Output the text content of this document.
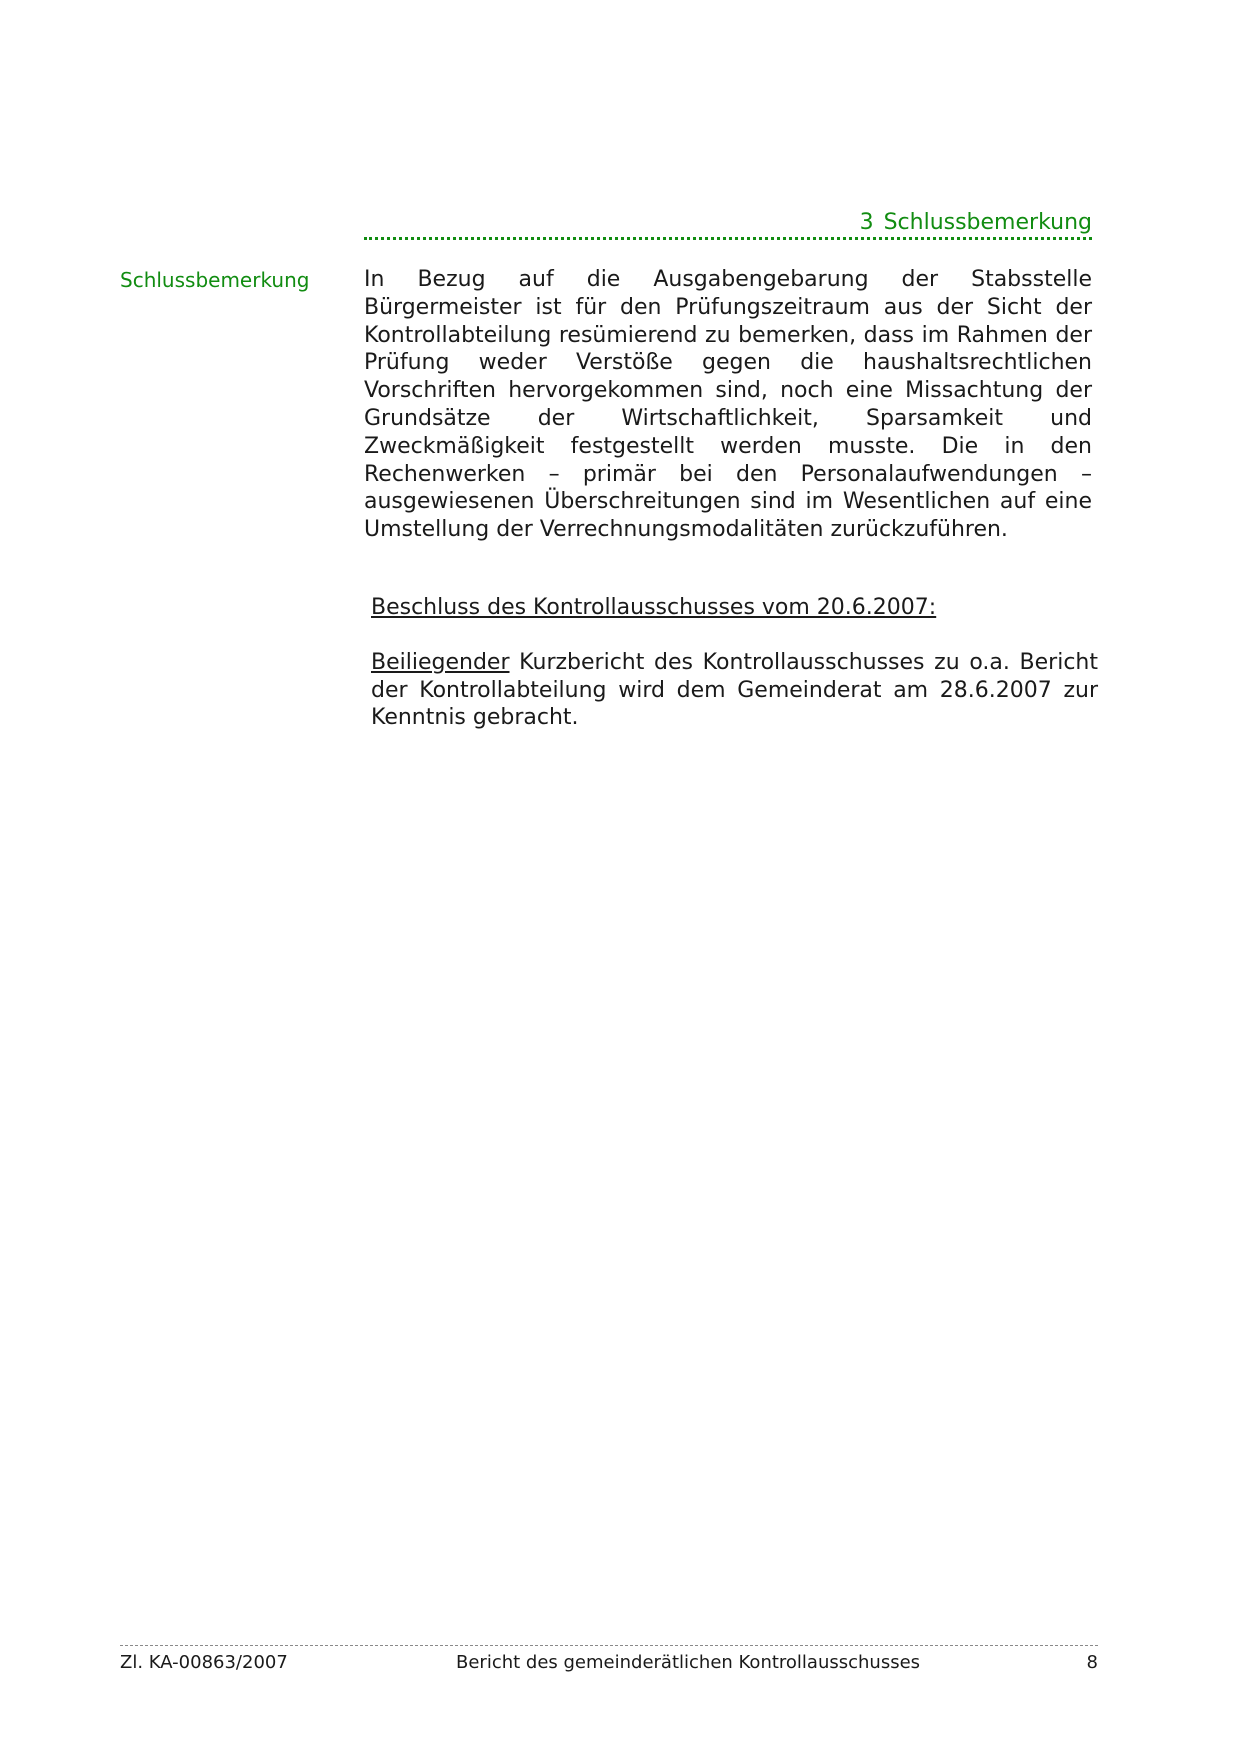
3 Schlussbemerkung
Schlussbemerkung In Bezug auf die Ausgabengebarung der Stabsstelle Bürgermeister ist für den Prüfungszeitraum aus der Sicht der Kontrollabteilung resümierend zu bemerken, dass im Rahmen der Prüfung weder Verstöße gegen die haushaltsrechtlichen Vorschriften hervorgekommen sind, noch eine Missachtung der Grundsätze der Wirtschaftlichkeit, Sparsamkeit und Zweckmäßigkeit festgestellt werden musste. Die in den Rechenwerken – primär bei den Personalaufwendungen – ausgewiesenen Überschreitungen sind im Wesentlichen auf eine Umstellung der Verrechnungsmodalitäten zurückzuführen.

Beschluss des Kontrollausschusses vom 20.6.2007:

Beiliegender Kurzbericht des Kontrollausschusses zu o.a. Bericht der Kontrollabteilung wird dem Gemeinderat am 28.6.2007 zur Kenntnis gebracht.

Zl. KA-00863/2007	Bericht des gemeinderätlichen Kontrollausschusses	8
